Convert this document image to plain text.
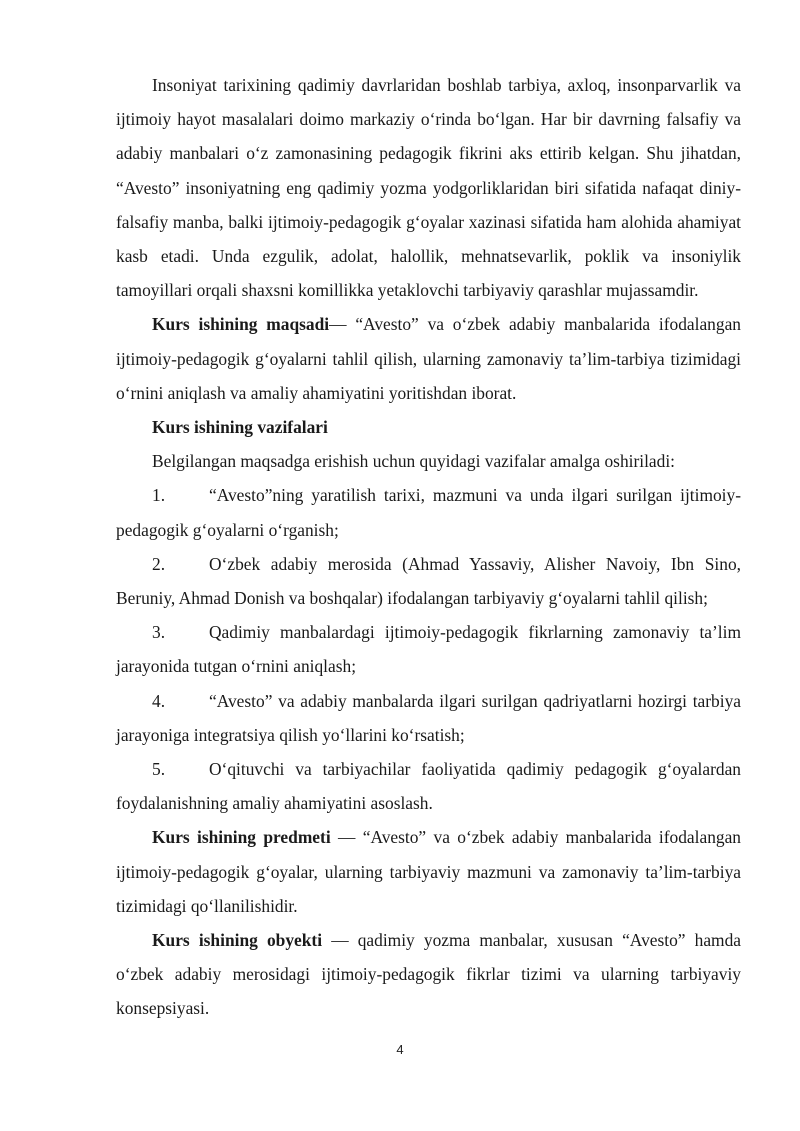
Insoniyat tarixining qadimiy davrlaridan boshlab tarbiya, axloq, insonparvarlik va ijtimoiy hayot masalalari doimo markaziy o‘rinda bo‘lgan. Har bir davrning falsafiy va adabiy manbalari o‘z zamonasining pedagogik fikrini aks ettirib kelgan. Shu jihatdan, “Avesto” insoniyatning eng qadimiy yozma yodgorliklaridan biri sifatida nafaqat diniy-falsafiy manba, balki ijtimoiy-pedagogik g‘oyalar xazinasi sifatida ham alohida ahamiyat kasb etadi. Unda ezgulik, adolat, halollik, mehnatsevarlik, poklik va insoniylik tamoyillari orqali shaxsni komillikka yetaklovchi tarbiyaviy qarashlar mujassamdir.

Kurs ishining maqsadi— “Avesto” va o‘zbek adabiy manbalarida ifodalangan ijtimoiy-pedagogik g‘oyalarni tahlil qilish, ularning zamonaviy ta’lim-tarbiya tizimidagi o‘rnini aniqlash va amaliy ahamiyatini yoritishdan iborat.

Kurs ishining vazifalari

Belgilangan maqsadga erishish uchun quyidagi vazifalar amalga oshiriladi:

1.	“Avesto”ning yaratilish tarixi, mazmuni va unda ilgari surilgan ijtimoiy-pedagogik g‘oyalarni o‘rganish;

2.	O‘zbek adabiy merosida (Ahmad Yassaviy, Alisher Navoiy, Ibn Sino, Beruniy, Ahmad Donish va boshqalar) ifodalangan tarbiyaviy g‘oyalarni tahlil qilish;

3.	Qadimiy manbalardagi ijtimoiy-pedagogik fikrlarning zamonaviy ta’lim jarayonida tutgan o‘rnini aniqlash;

4.	“Avesto” va adabiy manbalarda ilgari surilgan qadriyatlarni hozirgi tarbiya jarayoniga integratsiya qilish yo‘llarini ko‘rsatish;

5.	O‘qituvchi va tarbiyachilar faoliyatida qadimiy pedagogik g‘oyalardan foydalanishning amaliy ahamiyatini asoslash.

Kurs ishining predmeti — “Avesto” va o‘zbek adabiy manbalarida ifodalangan ijtimoiy-pedagogik g‘oyalar, ularning tarbiyaviy mazmuni va zamonaviy ta’lim-tarbiya tizimidagi qo‘llanilishidir.

Kurs ishining obyekti — qadimiy yozma manbalar, xususan “Avesto” hamda o‘zbek adabiy merosidagi ijtimoiy-pedagogik fikrlar tizimi va ularning tarbiyaviy konsepsiyasi.

4
